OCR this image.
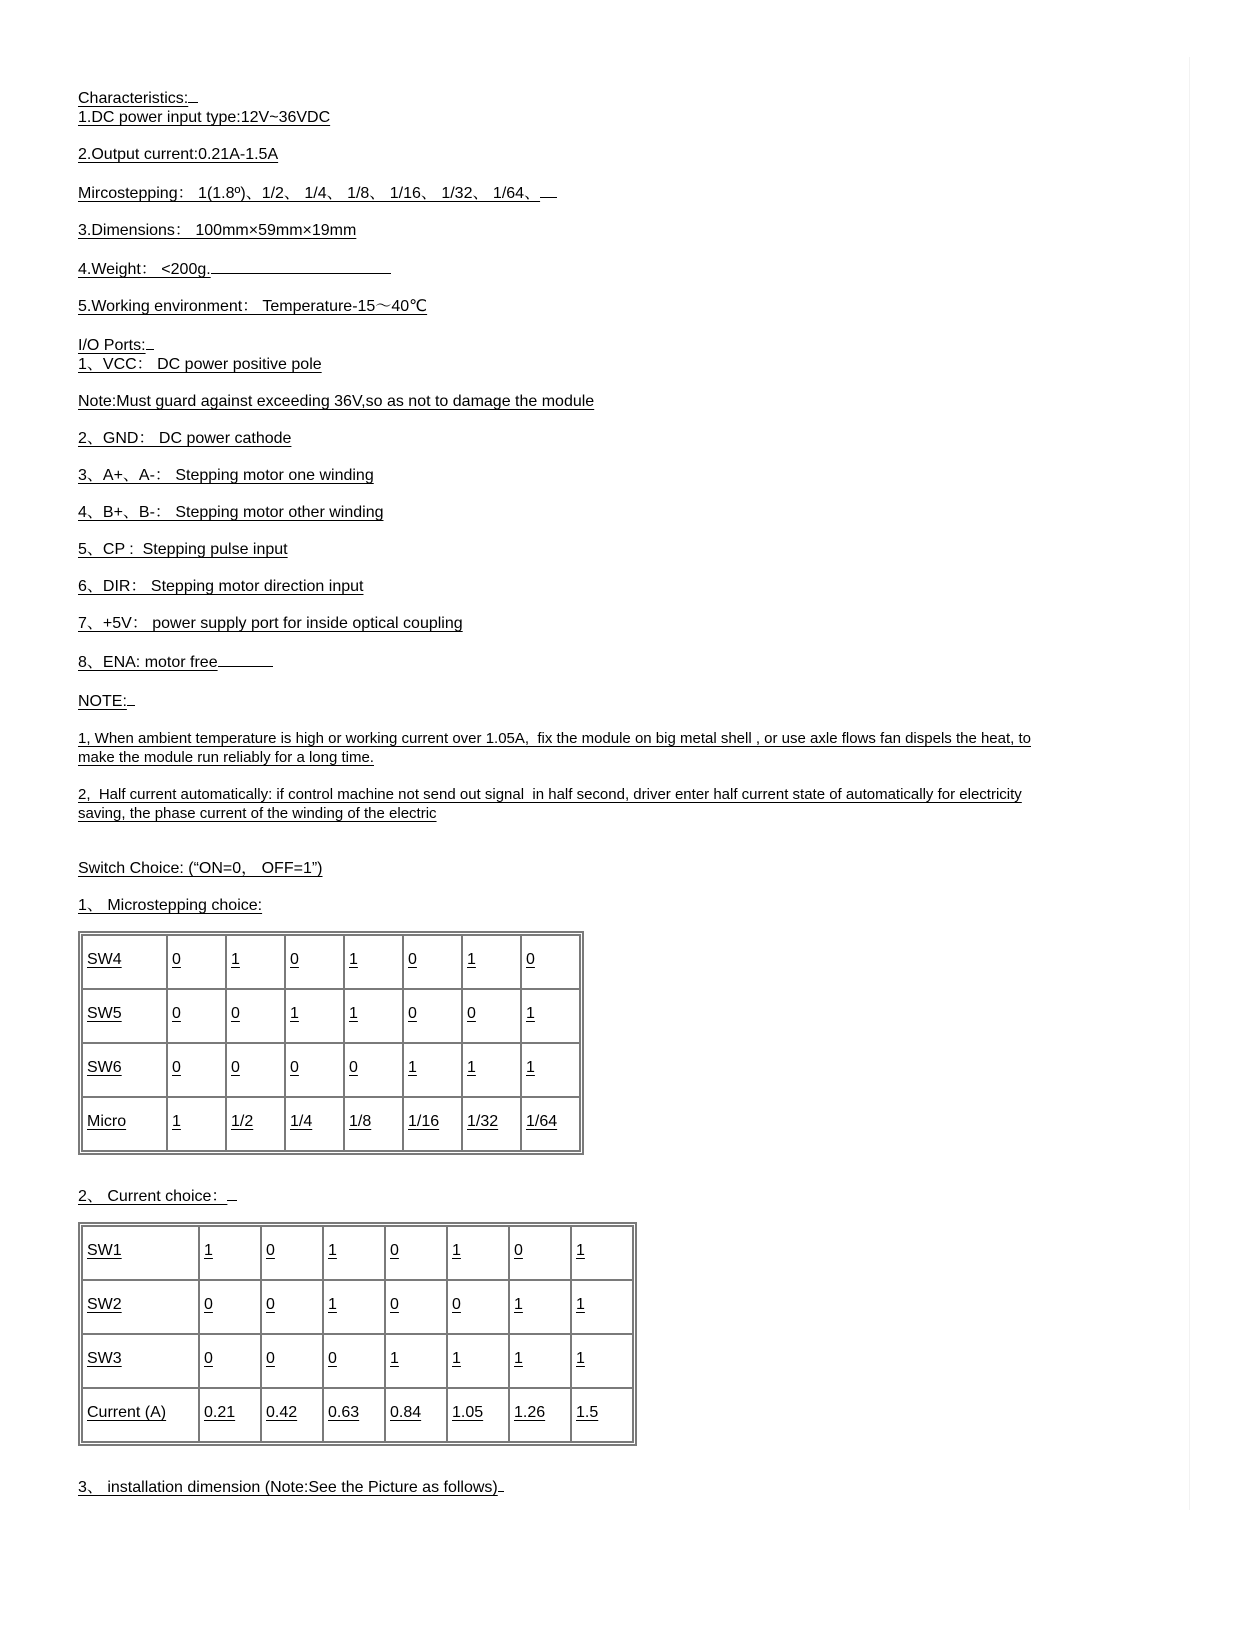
Characteristics:
1.DC power input type:12V~36VDC
2.Output current:0.21A-1.5A
Mircostepping： 1(1.8º)、1/2、 1/4、 1/8、 1/16、 1/32、 1/64、
3.Dimensions： 100mm×59mm×19mm
4.Weight： <200g.
5.Working environment： Temperature-15～40℃
I/O Ports:
1、VCC： DC power positive pole
Note:Must guard against exceeding 36V,so as not to damage the module
2、GND： DC power cathode
3、A+、A-： Stepping motor one winding
4、B+、B-： Stepping motor other winding
5、CP :  Stepping pulse input
6、DIR： Stepping motor direction input
7、+5V： power supply port for inside optical coupling
8、ENA: motor free
NOTE:
1, When ambient temperature is high or working current over 1.05A,  fix the module on big metal shell , or use axle flows fan dispels the heat, to
make the module run reliably for a long time.
2,  Half current automatically: if control machine not send out signal  in half second, driver enter half current state of automatically for electricity
saving, the phase current of the winding of the electric
Switch Choice: (“ON=0， OFF=1”)
1、 Microstepping choice:
SW4	0	1	0	1	0	1	0
SW5	0	0	1	1	0	0	1
SW6	0	0	0	0	1	1	1
Micro	1	1/2	1/4	1/8	1/16	1/32	1/64
2、 Current choice：
SW1	1	0	1	0	1	0	1
SW2	0	0	1	0	0	1	1
SW3	0	0	0	1	1	1	1
Current (A)	0.21	0.42	0.63	0.84	1.05	1.26	1.5
3、 installation dimension (Note:See the Picture as follows)
